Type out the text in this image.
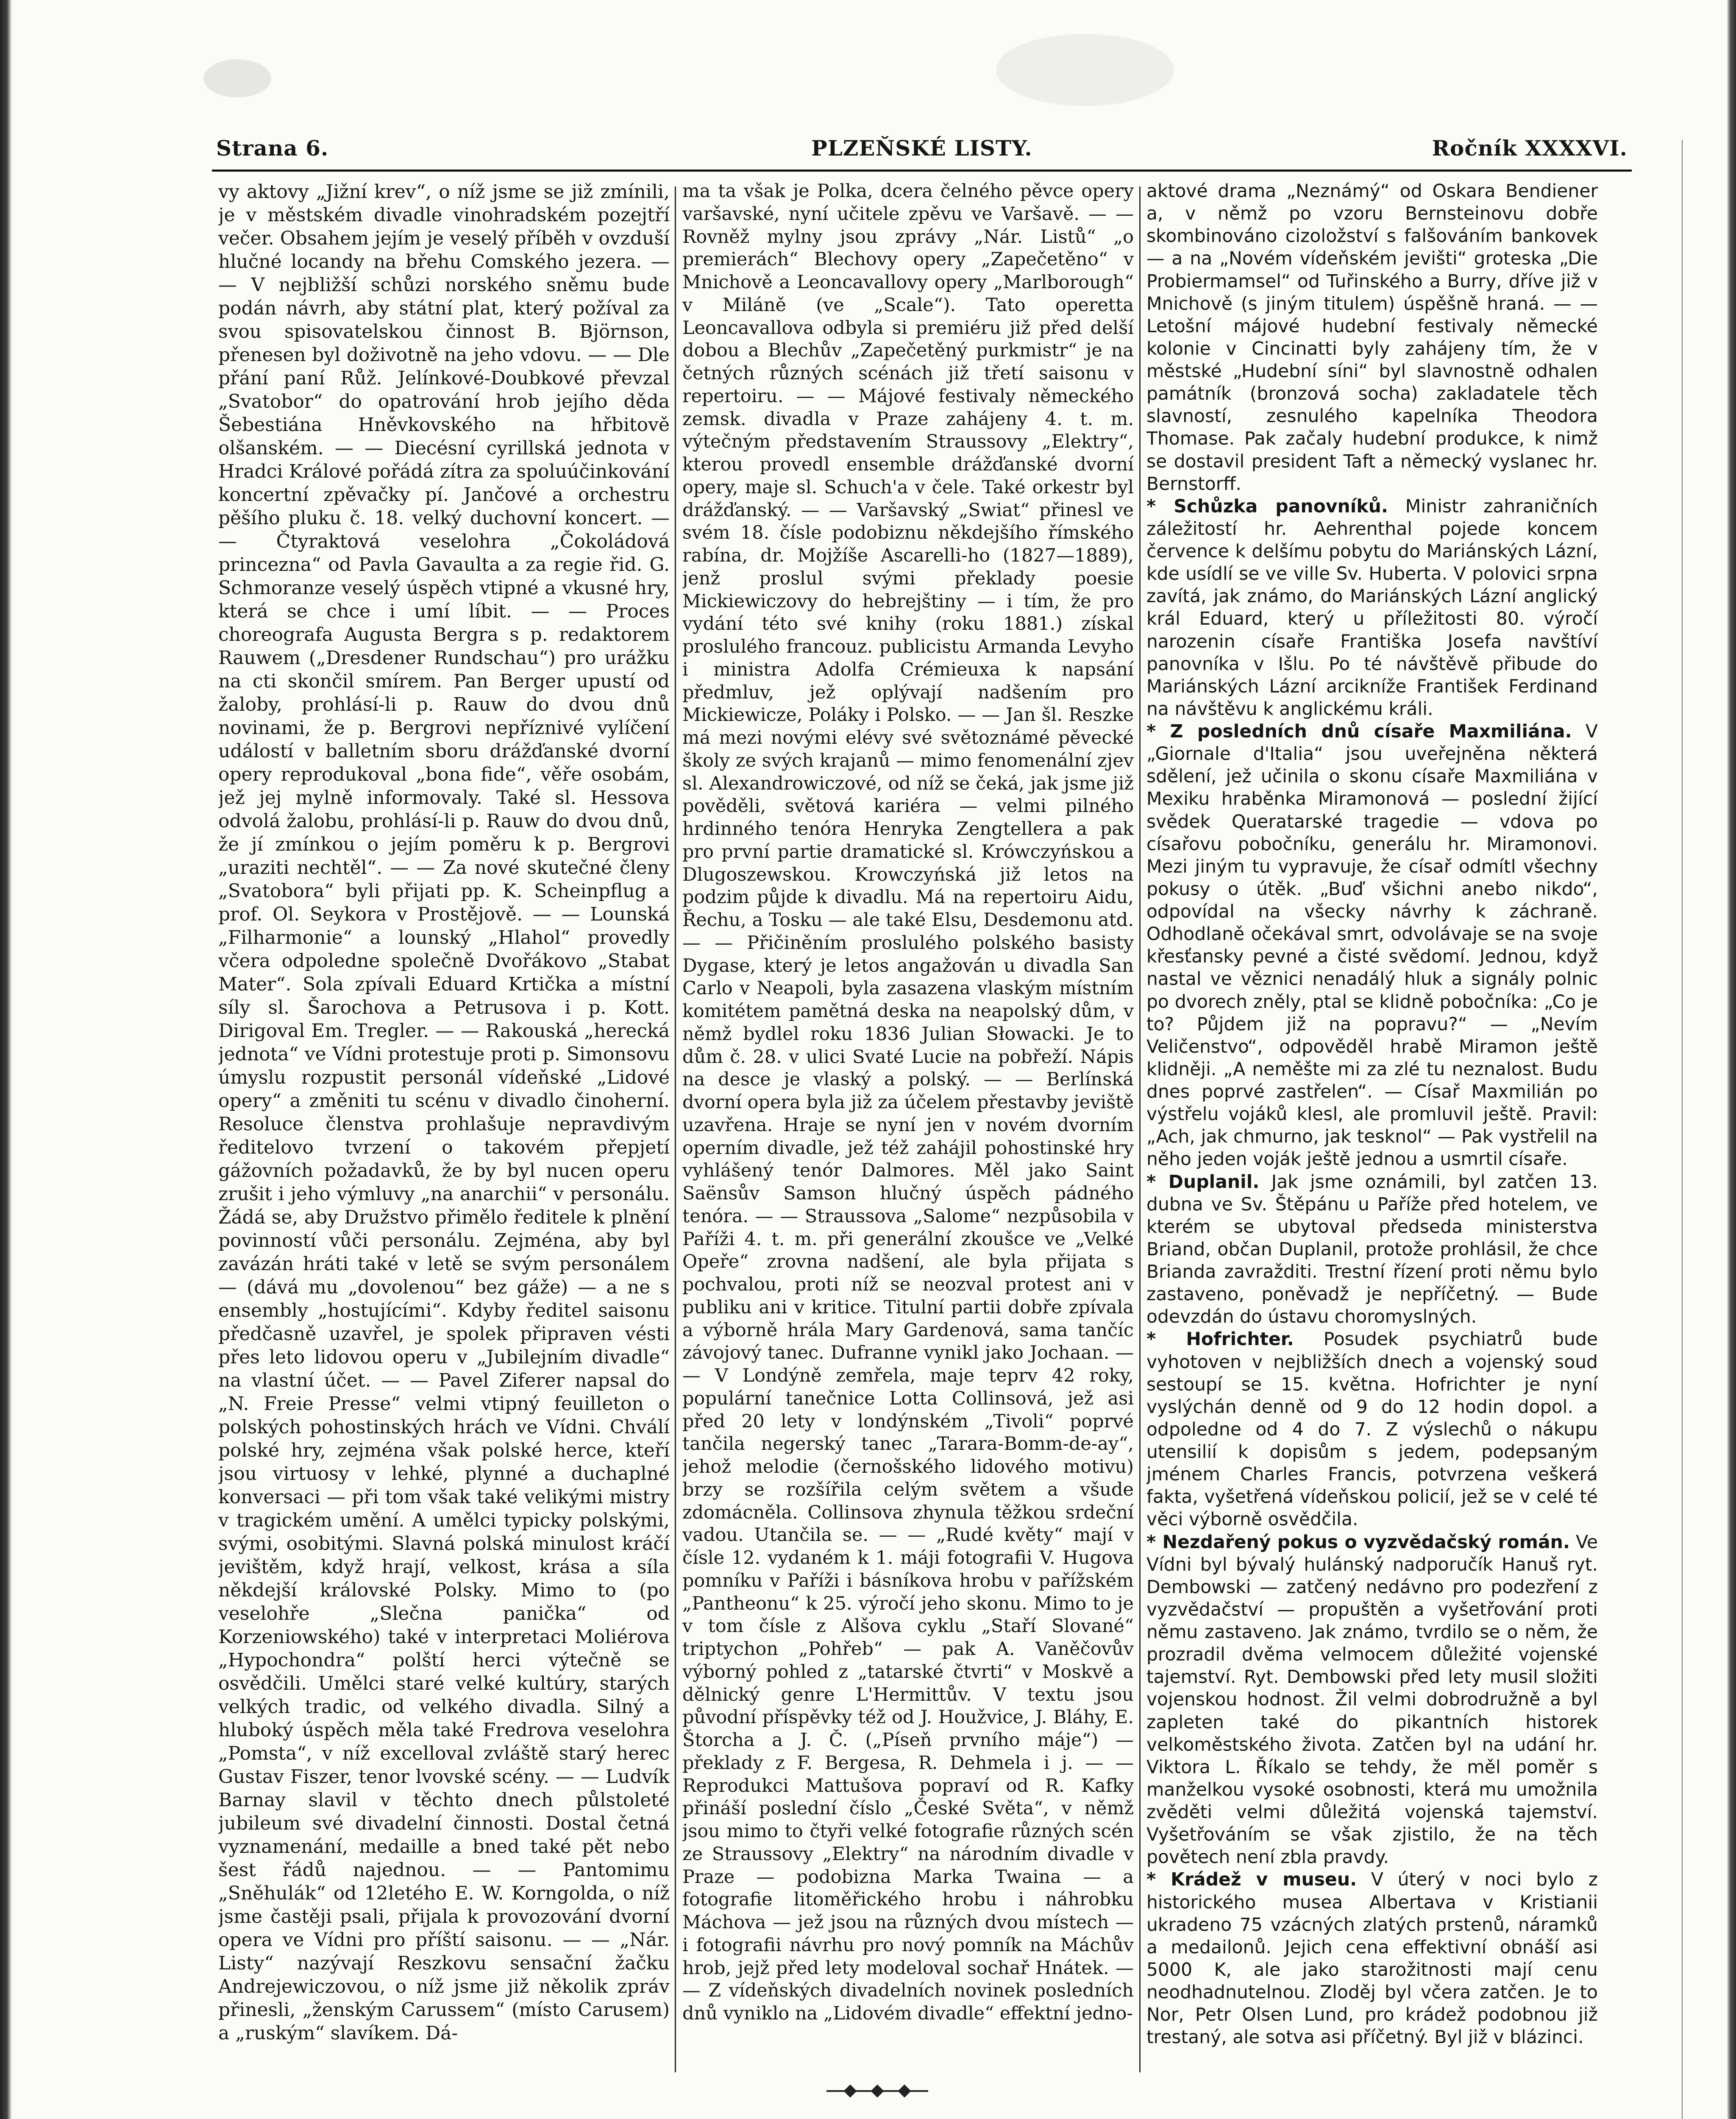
Strana 6.	PLZEŇSKÉ LISTY.	Ročník XXXXVI.

vy aktovy „Jižní krev“, o níž jsme se již zmínili, je v městském divadle vinohradském pozejtří večer. Obsahem jejím je veselý příběh v ovzduší hlučné locandy na břehu Comského jezera. — — V nejbližší schůzi norského sněmu bude podán návrh, aby státní plat, který požíval za svou spisovatelskou činnost B. Björnson, přenesen byl doživotně na jeho vdovu. — — Dle přání paní Růž. Jelínkové-Doubkové převzal „Svatobor“ do opatrování hrob jejího děda Šebestiána Hněvkovského na hřbitově olšanském. — — Diecésní cyrillská jednota v Hradci Králové pořádá zítra za spoluúčinkování koncertní zpěvačky pí. Jančové a orchestru pěšího pluku č. 18. velký duchovní koncert. — — Čtyraktová veselohra „Čokoládová princezna“ od Pavla Gavaulta a za regie řid. G. Schmoranze veselý úspěch vtipné a vkusné hry, která se chce i umí líbit. — — Proces choreografa Augusta Bergra s p. redaktorem Rauwem („Dresdener Rundschau“) pro urážku na cti skončil smírem. Pan Berger upustí od žaloby, prohlásí-li p. Rauw do dvou dnů novinami, že p. Bergrovi nepříznivé vylíčení událostí v balletním sboru drážďanské dvorní opery reprodukoval „bona fide“, věře osobám, jež jej mylně informovaly. Také sl. Hessova odvolá žalobu, prohlásí-li p. Rauw do dvou dnů, že jí zmínkou o jejím poměru k p. Bergrovi „uraziti nechtěl“. — — Za nové skutečné členy „Svatobora“ byli přijati pp. K. Scheinpflug a prof. Ol. Seykora v Prostějově. — — Lounská „Filharmonie“ a lounský „Hlahol“ provedly včera odpoledne společně Dvořákovo „Stabat Mater“. Sola zpívali Eduard Krtička a místní síly sl. Šarochova a Petrusova i p. Kott. Dirigoval Em. Tregler. — — Rakouská „herecká jednota“ ve Vídni protestuje proti p. Simonsovu úmyslu rozpustit personál vídeňské „Lidové opery“ a změniti tu scénu v divadlo činoherní. Resoluce členstva prohlašuje nepravdivým ředitelovo tvrzení o takovém přepjetí gážovních požadavků, že by byl nucen operu zrušit i jeho výmluvy „na anarchii“ v personálu. Žádá se, aby Družstvo přimělo ředitele k plnění povinností vůči personálu. Zejména, aby byl zavázán hráti také v letě se svým personálem — (dává mu „dovolenou“ bez gáže) — a ne s ensembly „hostujícími“. Kdyby ředitel saisonu předčasně uzavřel, je spolek připraven vésti přes leto lidovou operu v „Jubilejním divadle“ na vlastní účet. — — Pavel Ziferer napsal do „N. Freie Presse“ velmi vtipný feuilleton o polských pohostinských hrách ve Vídni. Chválí polské hry, zejména však polské herce, kteří jsou virtuosy v lehké, plynné a duchaplné konversaci — při tom však také velikými mistry v tragickém umění. A umělci typicky polskými, svými, osobitými. Slavná polská minulost kráčí jevištěm, když hrají, velkost, krása a síla někdejší královské Polsky. Mimo to (po veselohře „Slečna panička“ od Korzeniowského) také v interpretaci Moliérova „Hypochondra“ polští herci výtečně se osvědčili. Umělci staré velké kultúry, starých velkých tradic, od velkého divadla. Silný a hluboký úspěch měla také Fredrova veselohra „Pomsta“, v níž excelloval zvláště starý herec Gustav Fiszer, tenor lvovské scény. — — Ludvík Barnay slavil v těchto dnech půlstoleté jubileum své divadelní činnosti. Dostal četná vyznamenání, medaille a bned také pět nebo šest řádů najednou. — — Pantomimu „Sněhulák“ od 12letého E. W. Korngolda, o níž jsme častěji psali, přijala k provozování dvorní opera ve Vídni pro příští saisonu. — — „Nár. Listy“ nazývají Reszkovu sensační žačku Andrejewiczovou, o níž jsme již několik zpráv přinesli, „ženským Carussem“ (místo Carusem) a „ruským“ slavíkem. Dá-

ma ta však je Polka, dcera čelného pěvce opery varšavské, nyní učitele zpěvu ve Varšavě. — — Rovněž mylny jsou zprávy „Nár. Listů“ „o premierách“ Blechovy opery „Zapečetěno“ v Mnichově a Leoncavallovy opery „Marlborough“ v Miláně (ve „Scale“). Tato operetta Leoncavallova odbyla si premiéru již před delší dobou a Blechův „Zapečetěný purkmistr“ je na četných různých scénách již třetí saisonu v repertoiru. — — Májové festivaly německého zemsk. divadla v Praze zahájeny 4. t. m. výtečným představením Straussovy „Elektry“, kterou provedl ensemble drážďanské dvorní opery, maje sl. Schuch'a v čele. Také orkestr byl drážďanský. — — Varšavský „Swiat“ přinesl ve svém 18. čísle podobiznu někdejšího římského rabína, dr. Mojžíše Ascarelli-ho (1827—1889), jenž proslul svými překlady poesie Mickiewiczovy do hebrejštiny — i tím, že pro vydání této své knihy (roku 1881.) získal proslulého francouz. publicistu Armanda Levyho i ministra Adolfa Crémieuxa k napsání předmluv, jež oplývají nadšením pro Mickiewicze, Poláky i Polsko. — — Jan šl. Reszke má mezi novými elévy své světoznámé pěvecké školy ze svých krajanů — mimo fenomenální zjev sl. Alexandrowiczové, od níž se čeká, jak jsme již pověděli, světová kariéra — velmi pilného hrdinného tenóra Henryka Zengtellera a pak pro první partie dramatické sl. Krówczyńskou a Dlugoszewskou. Krowczyńská již letos na podzim půjde k divadlu. Má na repertoiru Aidu, Řechu, a Tosku — ale také Elsu, Desdemonu atd. — — Přičiněním proslulého polského basisty Dygase, který je letos angažován u divadla San Carlo v Neapoli, byla zasazena vlaským místním komitétem pamětná deska na neapolský dům, v němž bydlel roku 1836 Julian Słowacki. Je to dům č. 28. v ulici Svaté Lucie na pobřeží. Nápis na desce je vlaský a polský. — — Berlínská dvorní opera byla již za účelem přestavby jeviště uzavřena. Hraje se nyní jen v novém dvorním operním divadle, jež též zahájil pohostinské hry vyhlášený tenór Dalmores. Měl jako Saint Saënsův Samson hlučný úspěch pádného tenóra. — — Straussova „Salome“ nezpůsobila v Paříži 4. t. m. při generální zkoušce ve „Velké Opeře“ zrovna nadšení, ale byla přijata s pochvalou, proti níž se neozval protest ani v publiku ani v kritice. Titulní partii dobře zpívala a výborně hrála Mary Gardenová, sama tančíc závojový tanec. Dufranne vynikl jako Jochaan. — — V Londýně zemřela, maje teprv 42 roky, populární tanečnice Lotta Collinsová, jež asi před 20 lety v londýnském „Tivoli“ poprvé tančila negerský tanec „Tarara-Bomm-de-ay“, jehož melodie (černošského lidového motivu) brzy se rozšířila celým světem a všude zdomácněla. Collinsova zhynula těžkou srdeční vadou. Utančila se. — — „Rudé květy“ mají v čísle 12. vydaném k 1. máji fotografii V. Hugova pomníku v Paříži i básníkova hrobu v pařížském „Pantheonu“ k 25. výročí jeho skonu. Mimo to je v tom čísle z Alšova cyklu „Staří Slované“ triptychon „Pohřeb“ — pak A. Vaněčovův výborný pohled z „tatarské čtvrti“ v Moskvě a dělnický genre L'Hermittův. V textu jsou původní příspěvky též od J. Houžvice, J. Bláhy, E. Štorcha a J. Č. („Píseň prvního máje“) — překlady z F. Bergesa, R. Dehmela i j. — — Reprodukci Mattušova popraví od R. Kafky přináší poslední číslo „České Světa“, v němž jsou mimo to čtyři velké fotografie různých scén ze Straussovy „Elektry“ na národním divadle v Praze — podobizna Marka Twaina — a fotografie litoměřického hrobu i náhrobku Máchova — jež jsou na různých dvou místech — i fotografii návrhu pro nový pomník na Máchův hrob, jejž před lety modeloval sochař Hnátek. — — Z vídeňských divadelních novinek posledních dnů vyniklo na „Lidovém divadle“ effektní jedno-

aktové drama „Neznámý“ od Oskara Bendiener a, v němž po vzoru Bernsteinovu dobře skombinováno cizoložství s falšováním bankovek — a na „Novém vídeňském jevišti“ groteska „Die Probiermamsel“ od Tuřinského a Burry, dříve již v Mnichově (s jiným titulem) úspěšně hraná. — — Letošní májové hudební festivaly německé kolonie v Cincinatti byly zahájeny tím, že v městské „Hudební síni“ byl slavnostně odhalen památník (bronzová socha) zakladatele těch slavností, zesnulého kapelníka Theodora Thomase. Pak začaly hudební produkce, k nimž se dostavil president Taft a německý vyslanec hr. Bernstorff.

* Schůzka panovníků. Ministr zahraničních záležitostí hr. Aehrenthal pojede koncem července k delšímu pobytu do Mariánských Lázní, kde usídlí se ve ville Sv. Huberta. V polovici srpna zavítá, jak známo, do Mariánských Lázní anglický král Eduard, který u příležitosti 80. výročí narozenin císaře Františka Josefa navštíví panovníka v Išlu. Po té návštěvě přibude do Mariánských Lázní arcikníže František Ferdinand na návštěvu k anglickému králi.

* Z posledních dnů císaře Maxmiliána. V „Giornale d'Italia“ jsou uveřejněna některá sdělení, jež učinila o skonu císaře Maxmiliána v Mexiku hraběnka Miramonová — poslední žijící svědek Queratarské tragedie — vdova po císařovu pobočníku, generálu hr. Miramonovi. Mezi jiným tu vypravuje, že císař odmítl všechny pokusy o útěk. „Buď všichni anebo nikdo“, odpovídal na všecky návrhy k záchraně. Odhodlaně očekával smrt, odvolávaje se na svoje křesťansky pevné a čisté svědomí. Jednou, když nastal ve věznici nenadálý hluk a signály polnic po dvorech zněly, ptal se klidně pobočníka: „Co je to? Půjdem již na popravu?“ — „Nevím Veličenstvo“, odpověděl hrabě Miramon ještě klidněji. „A neměšte mi za zlé tu neznalost. Budu dnes poprvé zastřelen“. — Císař Maxmilián po výstřelu vojáků klesl, ale promluvil ještě. Pravil: „Ach, jak chmurno, jak tesknol“ — Pak vystřelil na něho jeden voják ještě jednou a usmrtil císaře.

* Duplanil. Jak jsme oznámili, byl zatčen 13. dubna ve Sv. Štěpánu u Paříže před hotelem, ve kterém se ubytoval předseda ministerstva Briand, občan Duplanil, protože prohlásil, že chce Brianda zavražditi. Trestní řízení proti němu bylo zastaveno, poněvadž je nepříčetný. — Bude odevzdán do ústavu choromyslných.

* Hofrichter. Posudek psychiatrů bude vyhotoven v nejbližších dnech a vojenský soud sestoupí se 15. května. Hofrichter je nyní vyslýchán denně od 9 do 12 hodin dopol. a odpoledne od 4 do 7. Z výslechů o nákupu utensilií k dopisům s jedem, podepsaným jménem Charles Francis, potvrzena veškerá fakta, vyšetřená vídeňskou policií, jež se v celé té věci výborně osvědčila.

* Nezdařený pokus o vyzvědačský román. Ve Vídni byl bývalý hulánský nadporučík Hanuš ryt. Dembowski — zatčený nedávno pro podezření z vyzvědačství — propuštěn a vyšetřování proti němu zastaveno. Jak známo, tvrdilo se o něm, že prozradil dvěma velmocem důležité vojenské tajemství. Ryt. Dembowski před lety musil složiti vojenskou hodnost. Žil velmi dobrodružně a byl zapleten také do pikantních historek velkoměstského života. Zatčen byl na udání hr. Viktora L. Říkalo se tehdy, že měl poměr s manželkou vysoké osobnosti, která mu umožnila zvěděti velmi důležitá vojenská tajemství. Vyšetřováním se však zjistilo, že na těch povětech není zbla pravdy.

* Krádež v museu. V úterý v noci bylo z historického musea Albertava v Kristianii ukradeno 75 vzácných zlatých prstenů, náramků a medailonů. Jejich cena effektivní obnáší asi 5000 K, ale jako starožitnosti mají cenu neodhadnutelnou. Zloděj byl včera zatčen. Je to Nor, Petr Olsen Lund, pro krádež podobnou již trestaný, ale sotva asi příčetný. Byl již v blázinci.
